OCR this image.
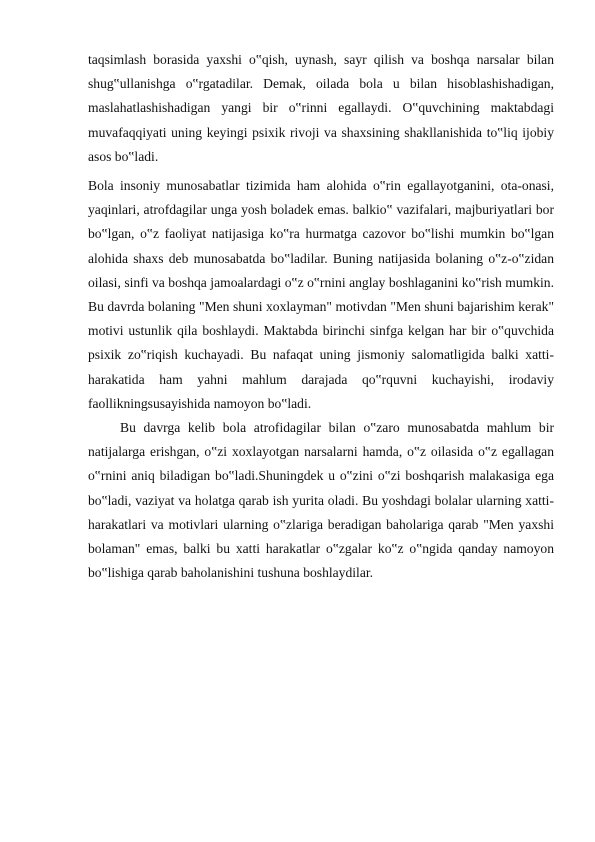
taqsimlash borasida yaxshi o‟qish, uynash, sayr qilish va boshqa narsalar bilan shug‟ullanishga o‟rgatadilar. Demak, oilada bola u bilan hisoblashishadigan, maslahatlashishadigan yangi bir o‟rinni egallaydi. O‟quvchining maktabdagi muvafaqqiyati uning keyingi psixik rivoji va shaxsining shakllanishida to‟liq ijobiy asos bo‟ladi.

Bola insoniy munosabatlar tizimida ham alohida o‟rin egallayotganini, ota-onasi, yaqinlari, atrofdagilar unga yosh boladek emas. balkio‟ vazifalari, majburiyatlari bor bo‟lgan, o‟z faoliyat natijasiga ko‟ra hurmatga cazovor bo‟lishi mumkin bo‟lgan alohida shaxs deb munosabatda bo‟ladilar. Buning natijasida bolaning o‟z-o‟zidan oilasi, sinfi va boshqa jamoalardagi o‟z o‟rnini anglay boshlaganini ko‟rish mumkin. Bu davrda bolaning "Men shuni xoxlayman" motivdan "Men shuni bajarishim kerak" motivi ustunlik qila boshlaydi. Maktabda birinchi sinfga kelgan har bir o‟quvchida psixik zo‟riqish kuchayadi. Bu nafaqat uning jismoniy salomatligida balki xatti-harakatida ham yahni mahlum darajada qo‟rquvni kuchayishi, irodaviy faollikningsusayishida namoyon bo‟ladi.

Bu davrga kelib bola atrofidagilar bilan o‟zaro munosabatda mahlum bir natijalarga erishgan, o‟zi xoxlayotgan narsalarni hamda, o‟z oilasida o‟z egallagan o‟rnini aniq biladigan bo‟ladi.Shuningdek u o‟zini o‟zi boshqarish malakasiga ega bo‟ladi, vaziyat va holatga qarab ish yurita oladi. Bu yoshdagi bolalar ularning xatti-harakatlari va motivlari ularning o‟zlariga beradigan baholariga qarab "Men yaxshi bolaman" emas, balki bu xatti harakatlar o‟zgalar ko‟z o‟ngida qanday namoyon bo‟lishiga qarab baholanishini tushuna boshlaydilar.
